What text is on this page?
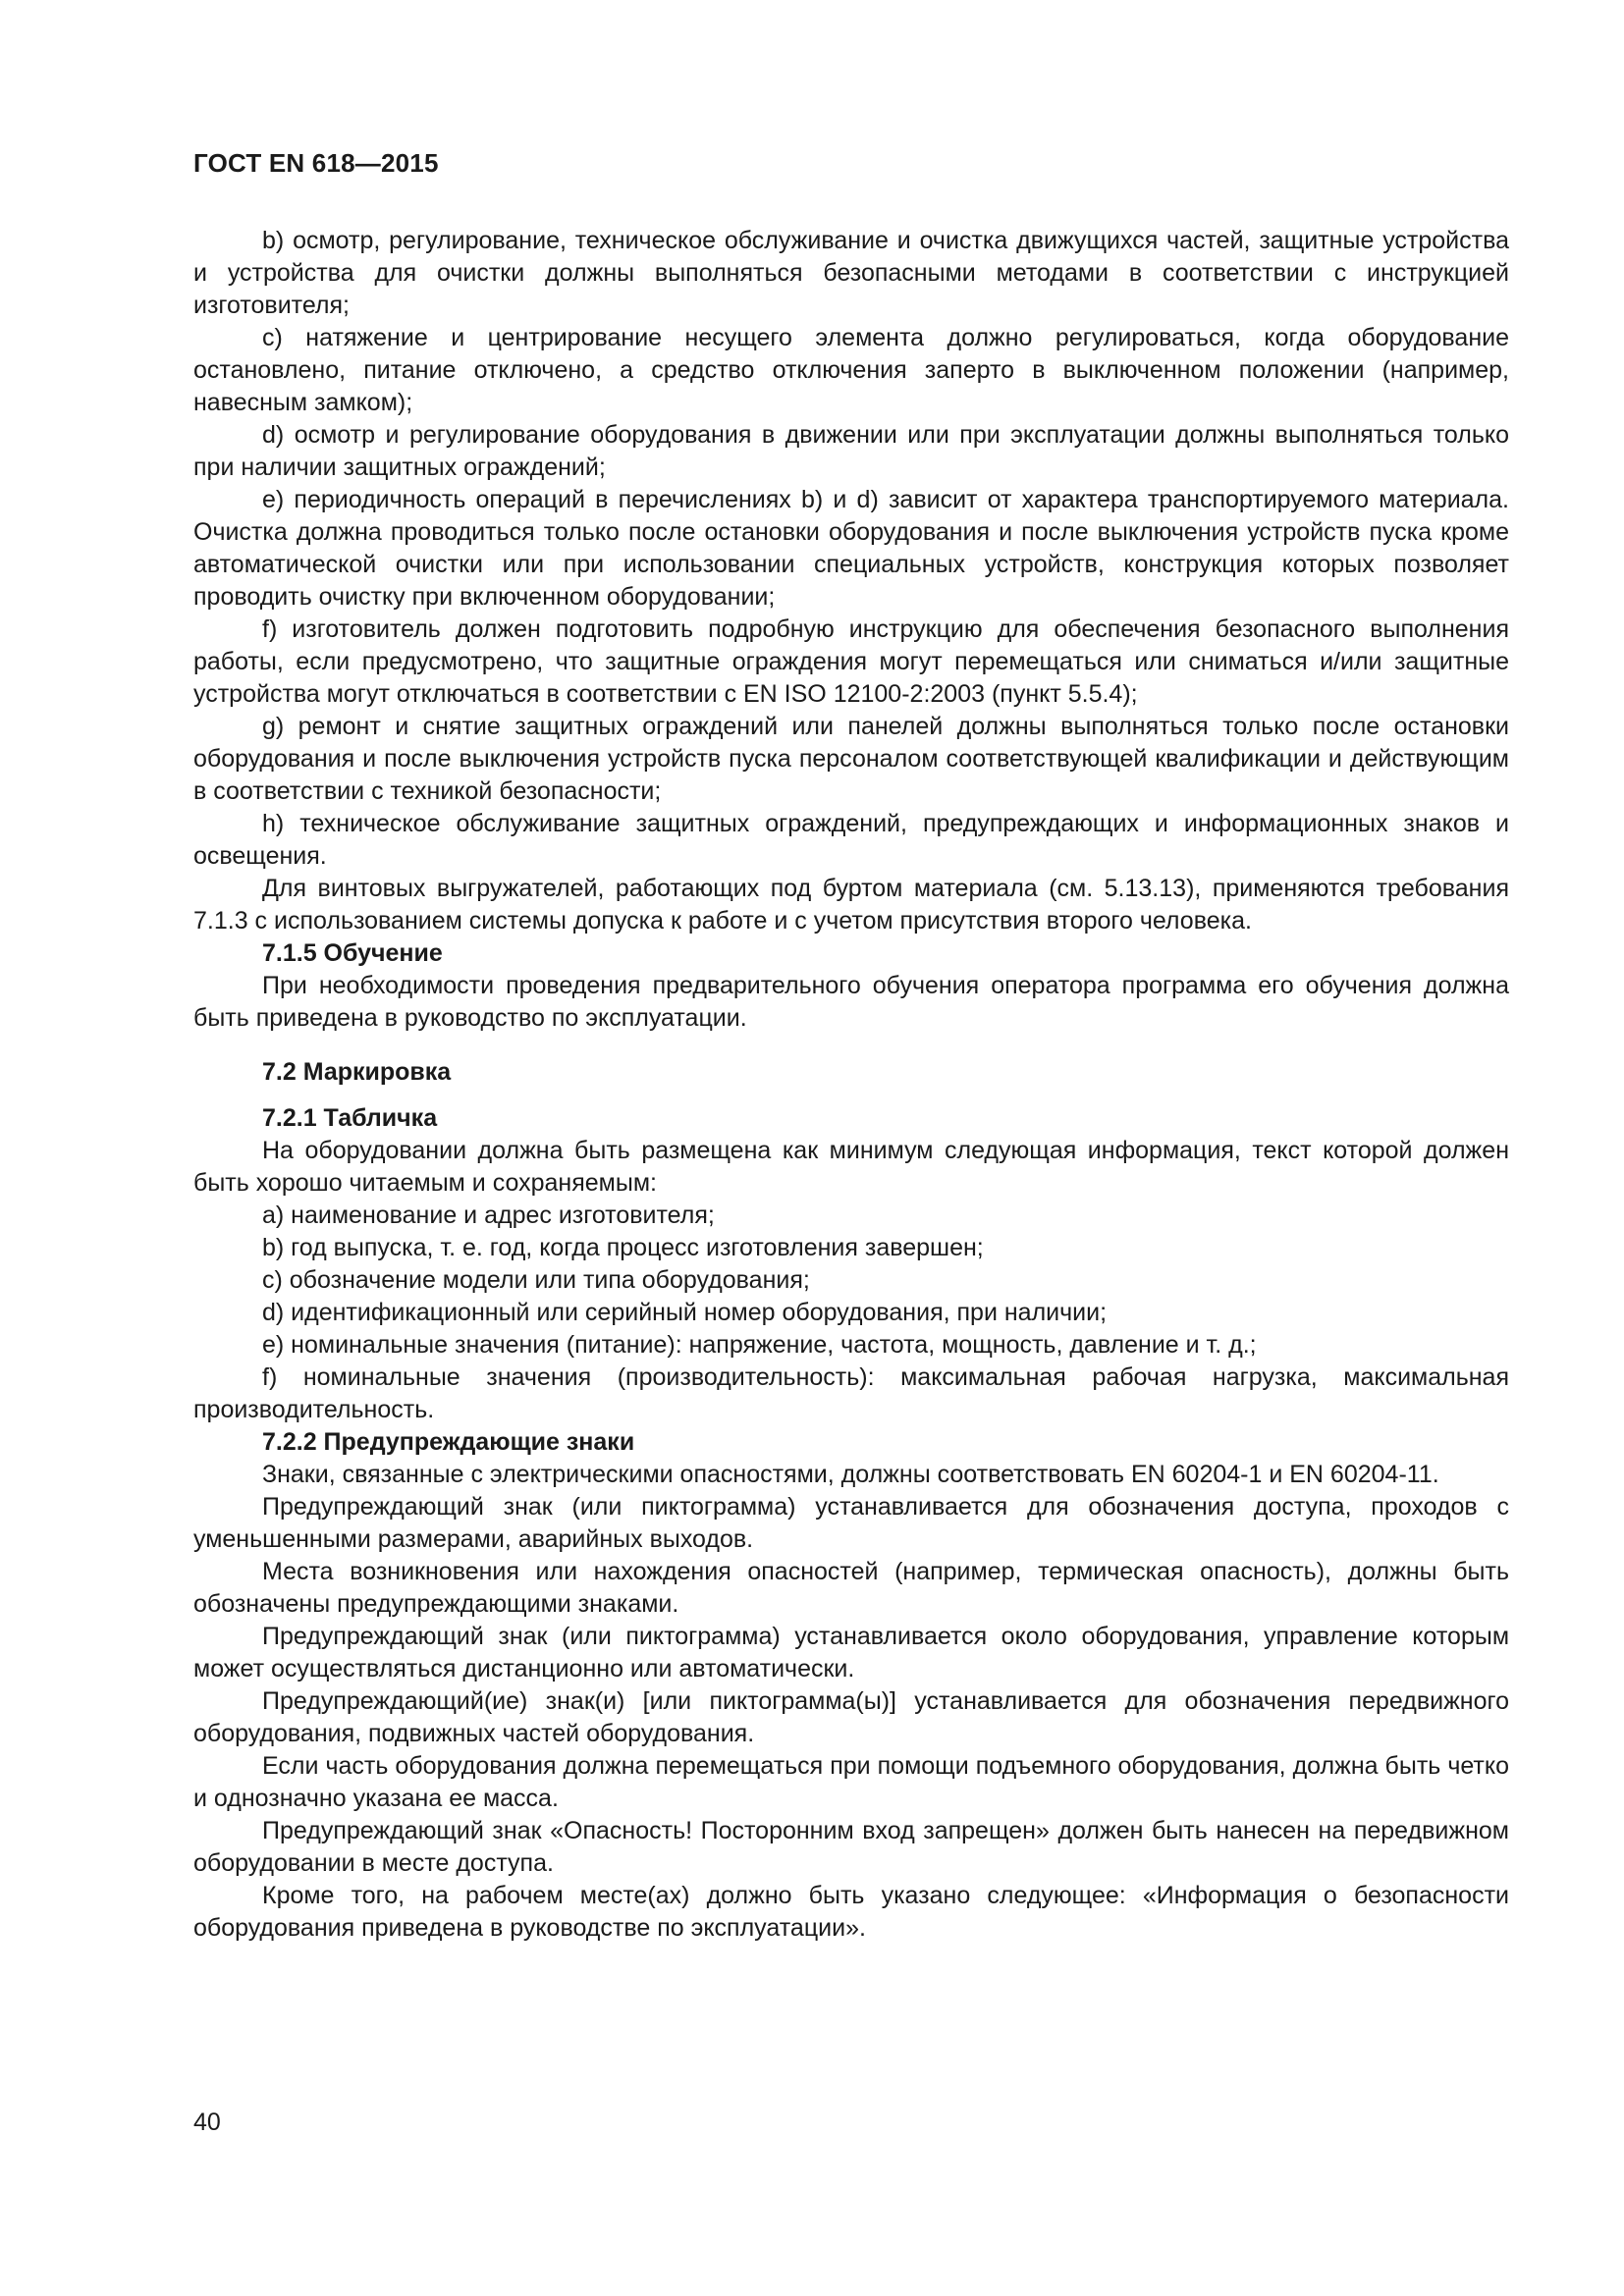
ГОСТ EN 618—2015

b) осмотр, регулирование, техническое обслуживание и очистка движущихся частей, защитные устройства и устройства для очистки должны выполняться безопасными методами в соответствии с инструкцией изготовителя;

c) натяжение и центрирование несущего элемента должно регулироваться, когда оборудование остановлено, питание отключено, а средство отключения заперто в выключенном положении (например, навесным замком);

d) осмотр и регулирование оборудования в движении или при эксплуатации должны выполняться только при наличии защитных ограждений;

e) периодичность операций в перечислениях b) и d) зависит от характера транспортируемого материала. Очистка должна проводиться только после остановки оборудования и после выключения устройств пуска кроме автоматической очистки или при использовании специальных устройств, конструкция которых позволяет проводить очистку при включенном оборудовании;

f) изготовитель должен подготовить подробную инструкцию для обеспечения безопасного выполнения работы, если предусмотрено, что защитные ограждения могут перемещаться или сниматься и/или защитные устройства могут отключаться в соответствии с EN ISO 12100-2:2003 (пункт 5.5.4);

g) ремонт и снятие защитных ограждений или панелей должны выполняться только после остановки оборудования и после выключения устройств пуска персоналом соответствующей квалификации и действующим в соответствии с техникой безопасности;

h) техническое обслуживание защитных ограждений, предупреждающих и информационных знаков и освещения.

Для винтовых выгружателей, работающих под буртом материала (см. 5.13.13), применяются требования 7.1.3 с использованием системы допуска к работе и с учетом присутствия второго человека.

7.1.5 Обучение

При необходимости проведения предварительного обучения оператора программа его обучения должна быть приведена в руководство по эксплуатации.

7.2 Маркировка

7.2.1 Табличка

На оборудовании должна быть размещена как минимум следующая информация, текст которой должен быть хорошо читаемым и сохраняемым:

a) наименование и адрес изготовителя;

b) год выпуска, т. е. год, когда процесс изготовления завершен;

c) обозначение модели или типа оборудования;

d) идентификационный или серийный номер оборудования, при наличии;

e) номинальные значения (питание): напряжение, частота, мощность, давление и т. д.;

f) номинальные значения (производительность): максимальная рабочая нагрузка, максимальная производительность.

7.2.2 Предупреждающие знаки

Знаки, связанные с электрическими опасностями, должны соответствовать EN 60204-1 и EN 60204-11.

Предупреждающий знак (или пиктограмма) устанавливается для обозначения доступа, проходов с уменьшенными размерами, аварийных выходов.

Места возникновения или нахождения опасностей (например, термическая опасность), должны быть обозначены предупреждающими знаками.

Предупреждающий знак (или пиктограмма) устанавливается около оборудования, управление которым может осуществляться дистанционно или автоматически.

Предупреждающий(ие) знак(и) [или пиктограмма(ы)] устанавливается для обозначения передвижного оборудования, подвижных частей оборудования.

Если часть оборудования должна перемещаться при помощи подъемного оборудования, должна быть четко и однозначно указана ее масса.

Предупреждающий знак «Опасность! Посторонним вход запрещен» должен быть нанесен на передвижном оборудовании в месте доступа.

Кроме того, на рабочем месте(ах) должно быть указано следующее: «Информация о безопасности оборудования приведена в руководстве по эксплуатации».

40
